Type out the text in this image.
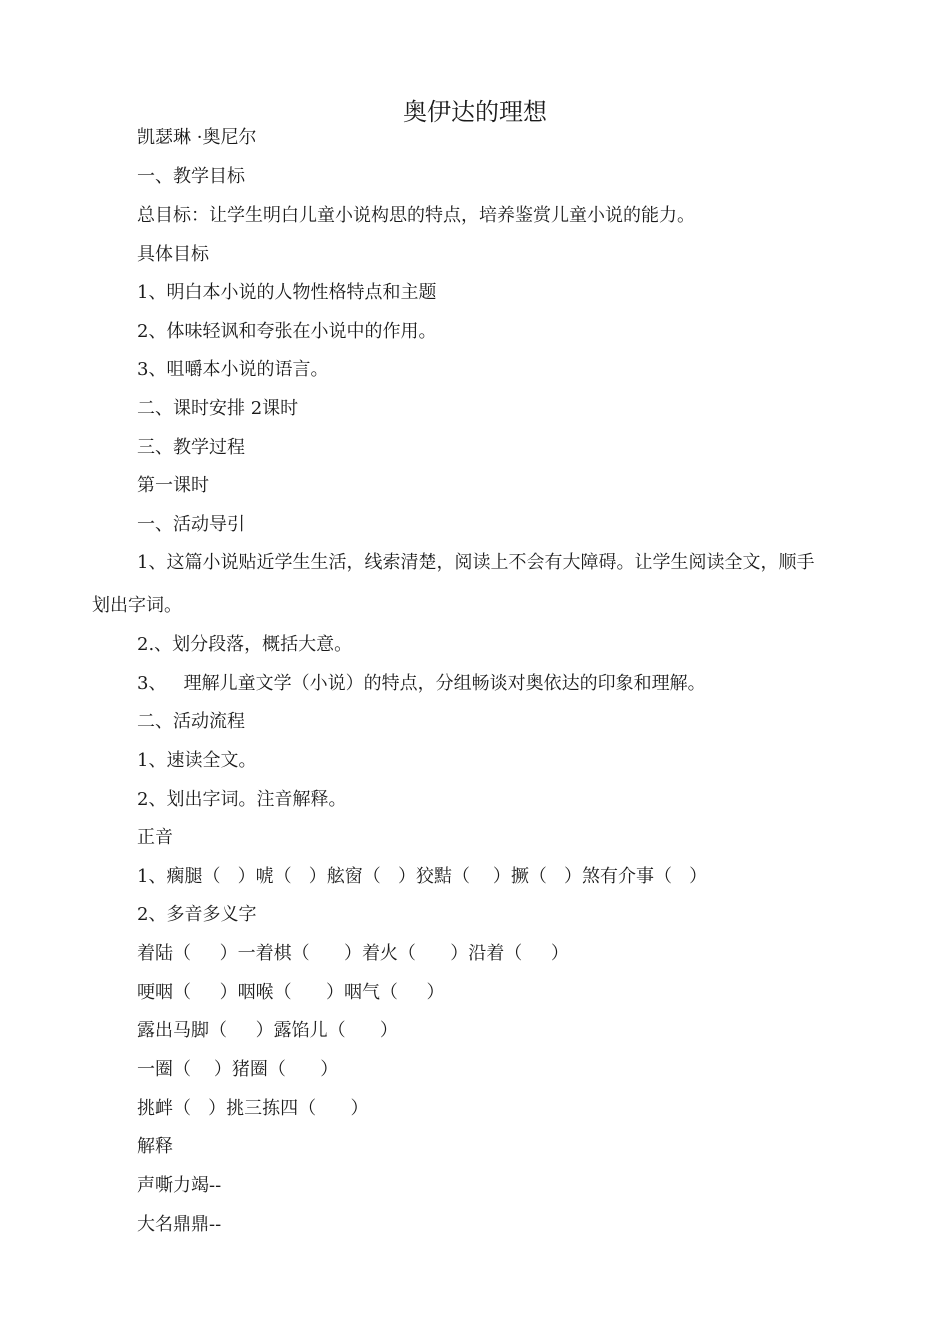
奥伊达的理想

凯瑟琳 ·奥尼尔

一、教学目标

总目标：让学生明白儿童小说构思的特点，培养鉴赏儿童小说的能力。

具体目标

1、明白本小说的人物性格特点和主题

2、体味轻讽和夸张在小说中的作用。

3、咀嚼本小说的语言。

二、课时安排 2课时

三、教学过程

第一课时

一、活动导引

1、这篇小说贴近学生生活，线索清楚，阅读上不会有大障碍。让学生阅读全文，顺手

划出字词。

2.、划分段落，概括大意。

3、   理解儿童文学（小说）的特点，分组畅谈对奥依达的印象和理解。

二、活动流程

1、速读全文。

2、划出字词。注音解释。

正音

1、瘸腿（   ）唬（   ）舷窗（   ）狡黠（    ）撅（   ）煞有介事（   ）

2、多音多义字

着陆（     ）一着棋（      ）着火（      ）沿着（     ）

哽咽（     ）咽喉（      ）咽气（     ）

露出马脚（     ）露馅儿（      ）

一圈（    ）猪圈（      ）

挑衅（   ）挑三拣四（      ）

解释

声嘶力竭--

大名鼎鼎--
